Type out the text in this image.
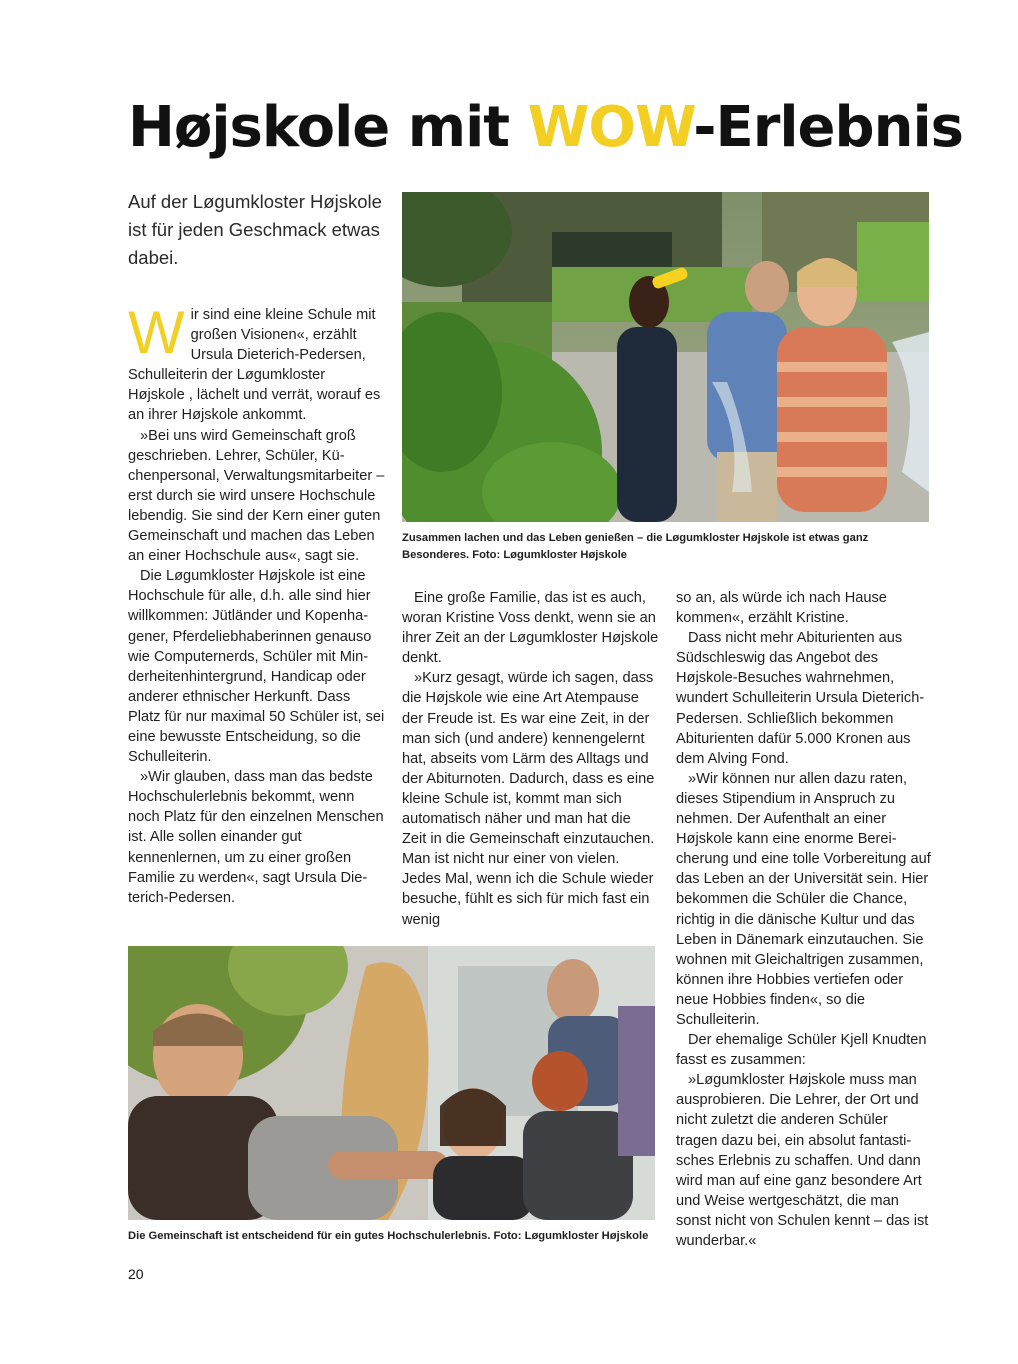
Højskole mit WOW-Erlebnis

Auf der Løgumkloster Højskole ist für jeden Geschmack etwas dabei.

Wir sind eine kleine Schule mit großen Visionen«, erzählt Ursula Dieterich-Pedersen, Schulleiterin der Løgumkloster Højskole , lächelt und verrät, worauf es an ihrer Højskole ankommt.

»Bei uns wird Gemeinschaft groß geschrieben. Lehrer, Schüler, Küchenpersonal, Verwaltungsmitarbeiter – erst durch sie wird unsere Hochschule lebendig. Sie sind der Kern einer guten Gemeinschaft und machen das Leben an einer Hochschule aus«, sagt sie.

Die Løgumkloster Højskole ist eine Hochschule für alle, d.h. alle sind hier willkommen: Jütländer und Kopenhagener, Pferdeliebhaberinnen genauso wie Computernerds, Schüler mit Minderheitenhintergrund, Handicap oder anderer ethnischer Herkunft. Dass Platz für nur maximal 50 Schüler ist, sei eine bewusste Entscheidung, so die Schulleiterin.

»Wir glauben, dass man das bedste Hochschulerlebnis bekommt, wenn noch Platz für den einzelnen Menschen ist. Alle sollen einander gut kennenlernen, um zu einer großen Familie zu werden«, sagt Ursula Dieterich-Pedersen.

Eine große Familie, das ist es auch, woran Kristine Voss denkt, wenn sie an ihrer Zeit an der Løgumkloster Højskole denkt.

»Kurz gesagt, würde ich sagen, dass die Højskole wie eine Art Atempause der Freude ist. Es war eine Zeit, in der man sich (und andere) kennengelernt hat, abseits vom Lärm des Alltags und der Abiturnoten. Dadurch, dass es eine kleine Schule ist, kommt man sich automatisch näher und man hat die Zeit in die Gemeinschaft einzutauchen. Man ist nicht nur einer von vielen. Jedes Mal, wenn ich die Schule wieder besuche, fühlt es sich für mich fast ein wenig

so an, als würde ich nach Hause kommen«, erzählt Kristine.

Dass nicht mehr Abiturienten aus Südschleswig das Angebot des Højskole-Besuches wahrnehmen, wundert Schulleiterin Ursula Dieterich-Pedersen. Schließlich bekommen Abiturienten dafür 5.000 Kronen aus dem Alving Fond.

»Wir können nur allen dazu raten, dieses Stipendium in Anspruch zu nehmen. Der Aufenthalt an einer Højskole kann eine enorme Bereicherung und eine tolle Vorbereitung auf das Leben an der Universität sein. Hier bekommen die Schüler die Chance, richtig in die dänische Kultur und das Leben in Dänemark einzutauchen. Sie wohnen mit Gleichaltrigen zusammen, können ihre Hobbies vertiefen oder neue Hobbies finden«, so die Schulleiterin.

Der ehemalige Schüler Kjell Knudten fasst es zusammen:

»Løgumkloster Højskole muss man ausprobieren. Die Lehrer, der Ort und nicht zuletzt die anderen Schüler tragen dazu bei, ein absolut fantastisches Erlebnis zu schaffen. Und dann wird man auf eine ganz besondere Art und Weise wertgeschätzt, die man sonst nicht von Schulen kennt – das ist wunderbar.«

Zusammen lachen und das Leben genießen – die Løgumkloster Højskole ist etwas ganz Besonderes. Foto: Løgumkloster Højskole

Die Gemeinschaft ist entscheidend für ein gutes Hochschulerlebnis. Foto: Løgumkloster Højskole

20
